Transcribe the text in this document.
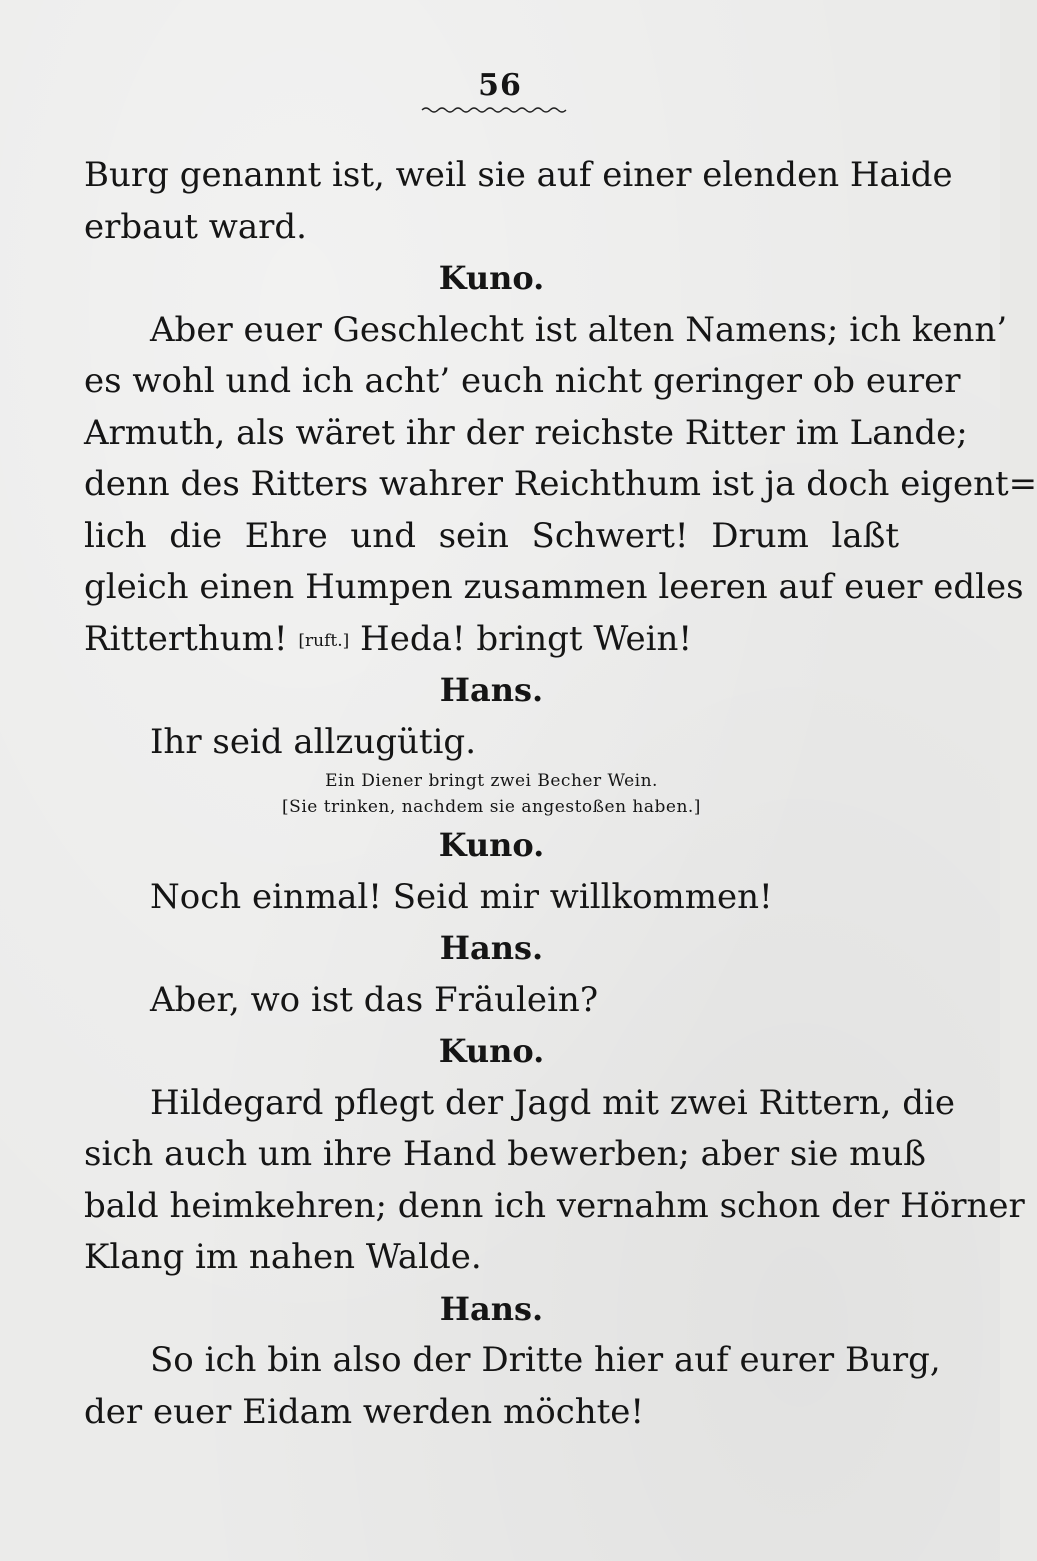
56
Burg genannt ist, weil sie auf einer elenden Haide
erbaut ward.
Kuno.
Aber euer Geschlecht ist alten Namens; ich kenn’
es wohl und ich acht’ euch nicht geringer ob eurer
Armuth, als wäret ihr der reichste Ritter im Lande;
denn des Ritters wahrer Reichthum ist ja doch eigent=
lich die Ehre und sein Schwert! Drum laßt
gleich einen Humpen zusammen leeren auf euer edles
Ritterthum! [ruft.] Heda! bringt Wein!
Hans.
Ihr seid allzugütig.
Ein Diener bringt zwei Becher Wein.
[Sie trinken, nachdem sie angestoßen haben.]
Kuno.
Noch einmal! Seid mir willkommen!
Hans.
Aber, wo ist das Fräulein?
Kuno.
Hildegard pflegt der Jagd mit zwei Rittern, die
sich auch um ihre Hand bewerben; aber sie muß
bald heimkehren; denn ich vernahm schon der Hörner
Klang im nahen Walde.
Hans.
So ich bin also der Dritte hier auf eurer Burg,
der euer Eidam werden möchte!
